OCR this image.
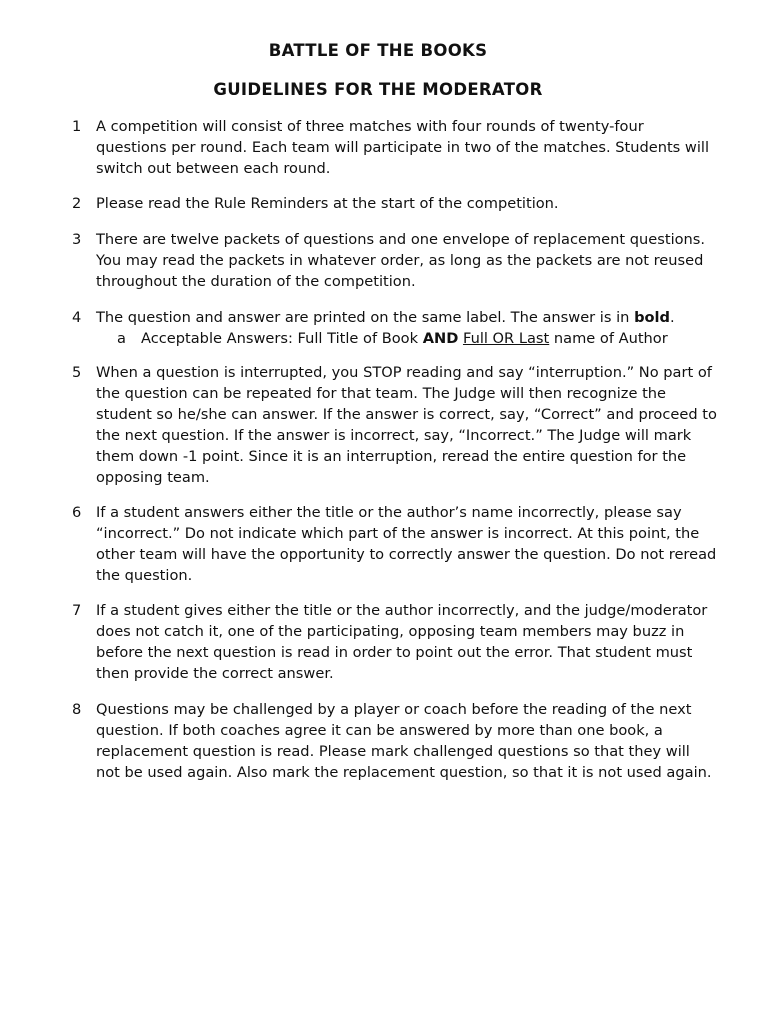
BATTLE OF THE BOOKS
GUIDELINES FOR THE MODERATOR
1	A competition will consist of three matches with four rounds of twenty-four questions per round. Each team will participate in two of the matches. Students will switch out between each round.
2	Please read the Rule Reminders at the start of the competition.
3	There are twelve packets of questions and one envelope of replacement questions. You may read the packets in whatever order, as long as the packets are not reused throughout the duration of the competition.
4	The question and answer are printed on the same label. The answer is in bold.
a Acceptable Answers: Full Title of Book AND Full OR Last name of Author
5	When a question is interrupted, you STOP reading and say “interruption.” No part of the question can be repeated for that team. The Judge will then recognize the student so he/she can answer. If the answer is correct, say, “Correct” and proceed to the next question. If the answer is incorrect, say, “Incorrect.” The Judge will mark them down -1 point. Since it is an interruption, reread the entire question for the opposing team.
6	If a student answers either the title or the author’s name incorrectly, please say “incorrect.” Do not indicate which part of the answer is incorrect. At this point, the other team will have the opportunity to correctly answer the question. Do not reread the question.
7	If a student gives either the title or the author incorrectly, and the judge/moderator does not catch it, one of the participating, opposing team members may buzz in before the next question is read in order to point out the error. That student must then provide the correct answer.
8	Questions may be challenged by a player or coach before the reading of the next question. If both coaches agree it can be answered by more than one book, a replacement question is read. Please mark challenged questions so that they will not be used again. Also mark the replacement question, so that it is not used again.
